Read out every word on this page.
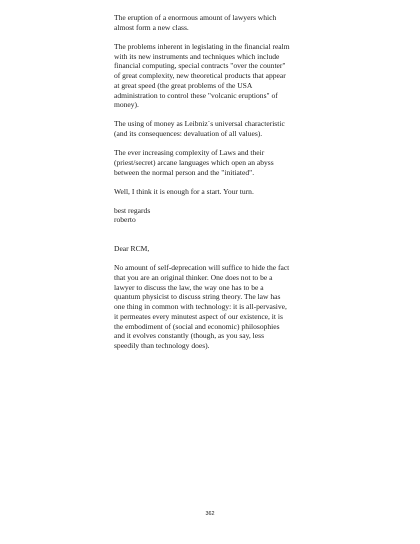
The eruption of a enormous amount of lawyers which
almost form a new class.

The problems inherent in legislating in the financial realm
with its new instruments and techniques which include
financial computing, special contracts "over the counter"
of great complexity, new theoretical products that appear
at great speed (the great problems of the USA
administration to control these "volcanic eruptions" of
money).

The using of money as Leibniz´s universal characteristic
(and its consequences: devaluation of all values).

The ever increasing complexity of Laws and their
(priest/secret) arcane languages which open an abyss
between the normal person and the "initiated".

Well, I think it is enough for a start. Your turn.

best regards
roberto

Dear RCM,

No amount of self-deprecation will suffice to hide the fact
that you are an original thinker. One does not to be a
lawyer to discuss the law, the way one has to be a
quantum physicist to discuss string theory. The law has
one thing in common with technology: it is all-pervasive,
it permeates every minutest aspect of our existence, it is
the embodiment of (social and economic) philosophies
and it evolves constantly (though, as you say, less
speedily than technology does).

362
